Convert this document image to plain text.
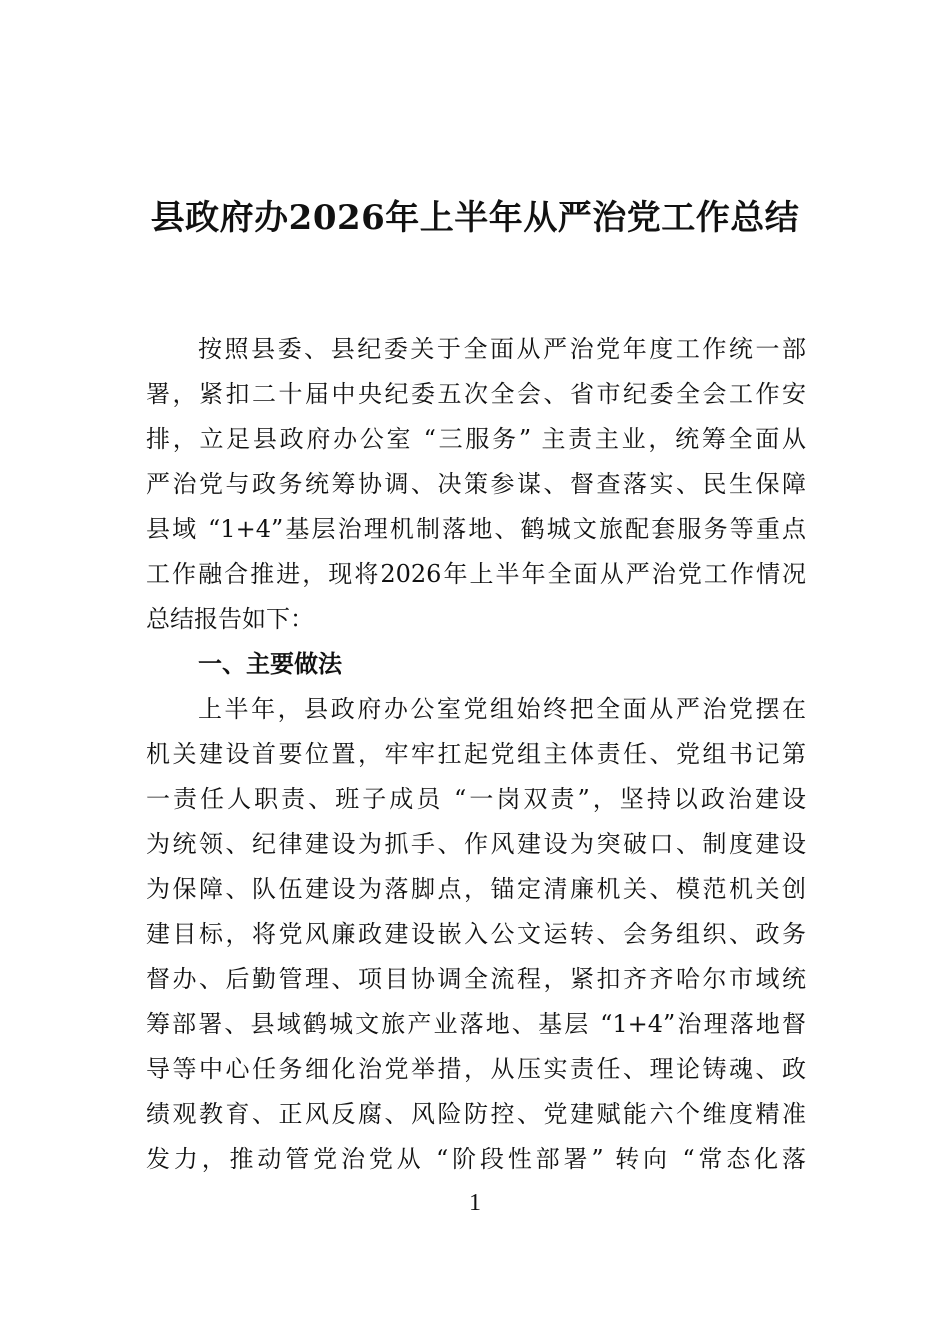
县政府办2026年上半年从严治党工作总结
按照县委、县纪委关于全面从严治党年度工作统一部
署，紧扣二十届中央纪委五次全会、省市纪委全会工作安
排，立足县政府办公室 “三服务” 主责主业，统筹全面从
严治党与政务统筹协调、决策参谋、督查落实、民生保障
县域 “1+4”基层治理机制落地、鹤城文旅配套服务等重点
工作融合推进，现将2026年上半年全面从严治党工作情况
总结报告如下：
一、主要做法
上半年，县政府办公室党组始终把全面从严治党摆在
机关建设首要位置，牢牢扛起党组主体责任、党组书记第
一责任人职责、班子成员 “一岗双责”，坚持以政治建设
为统领、纪律建设为抓手、作风建设为突破口、制度建设
为保障、队伍建设为落脚点，锚定清廉机关、模范机关创
建目标，将党风廉政建设嵌入公文运转、会务组织、政务
督办、后勤管理、项目协调全流程，紧扣齐齐哈尔市域统
筹部署、县域鹤城文旅产业落地、基层 “1+4”治理落地督
导等中心任务细化治党举措，从压实责任、理论铸魂、政
绩观教育、正风反腐、风险防控、党建赋能六个维度精准
发力，推动管党治党从 “阶段性部署” 转向 “常态化落
1
